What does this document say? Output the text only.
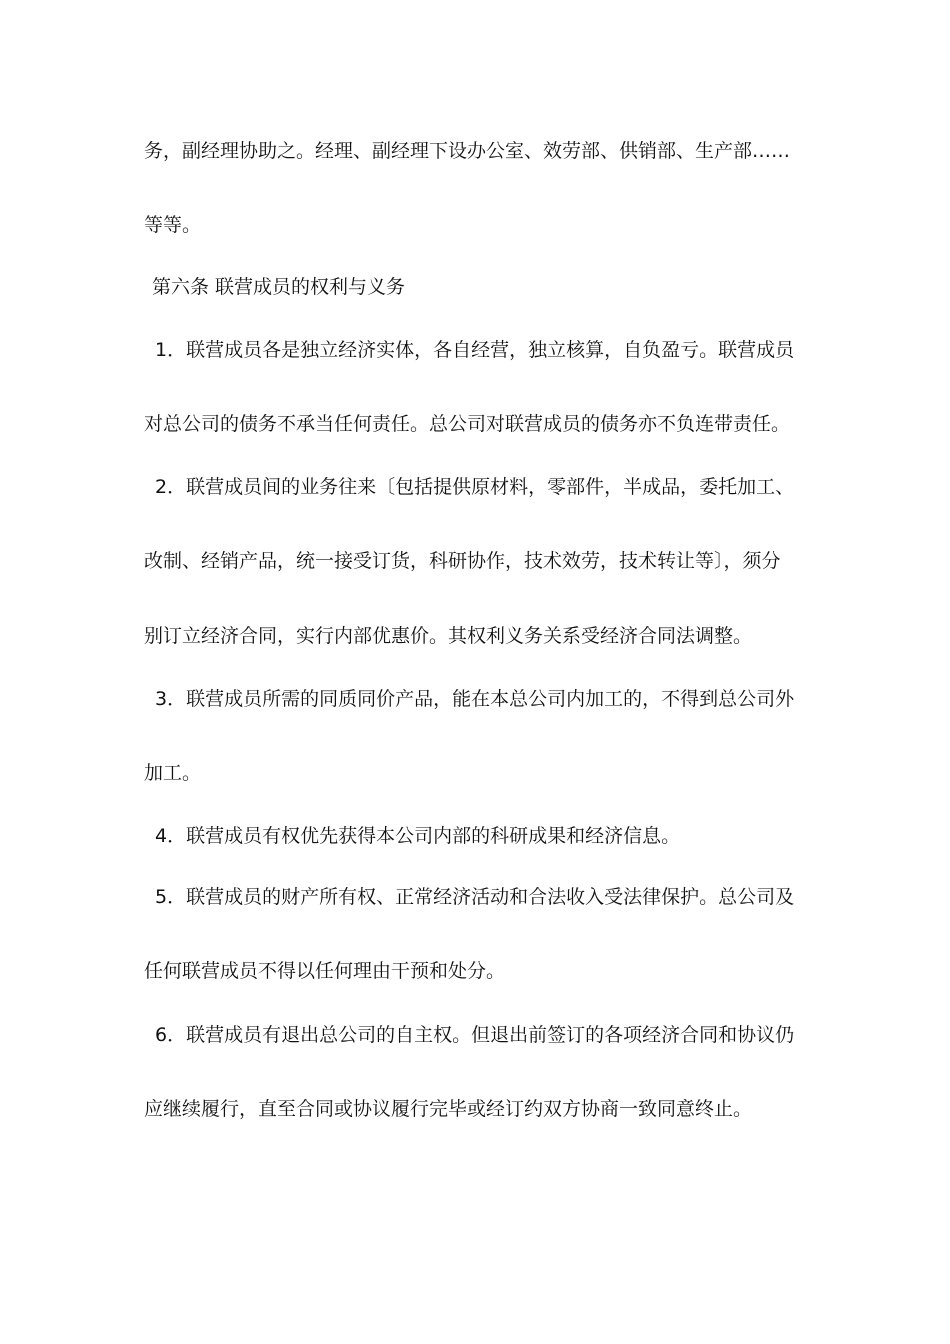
务，副经理协助之。经理、副经理下设办公室、效劳部、供销部、生产部……
等等。
第六条 联营成员的权利与义务
1．联营成员各是独立经济实体，各自经营，独立核算，自负盈亏。联营成员
对总公司的债务不承当任何责任。总公司对联营成员的债务亦不负连带责任。
2．联营成员间的业务往来〔包括提供原材料，零部件，半成品，委托加工、
改制、经销产品，统一接受订货，科研协作，技术效劳，技术转让等〕，须分
别订立经济合同，实行内部优惠价。其权利义务关系受经济合同法调整。
3．联营成员所需的同质同价产品，能在本总公司内加工的，不得到总公司外
加工。
4．联营成员有权优先获得本公司内部的科研成果和经济信息。
5．联营成员的财产所有权、正常经济活动和合法收入受法律保护。总公司及
任何联营成员不得以任何理由干预和处分。
6．联营成员有退出总公司的自主权。但退出前签订的各项经济合同和协议仍
应继续履行，直至合同或协议履行完毕或经订约双方协商一致同意终止。
